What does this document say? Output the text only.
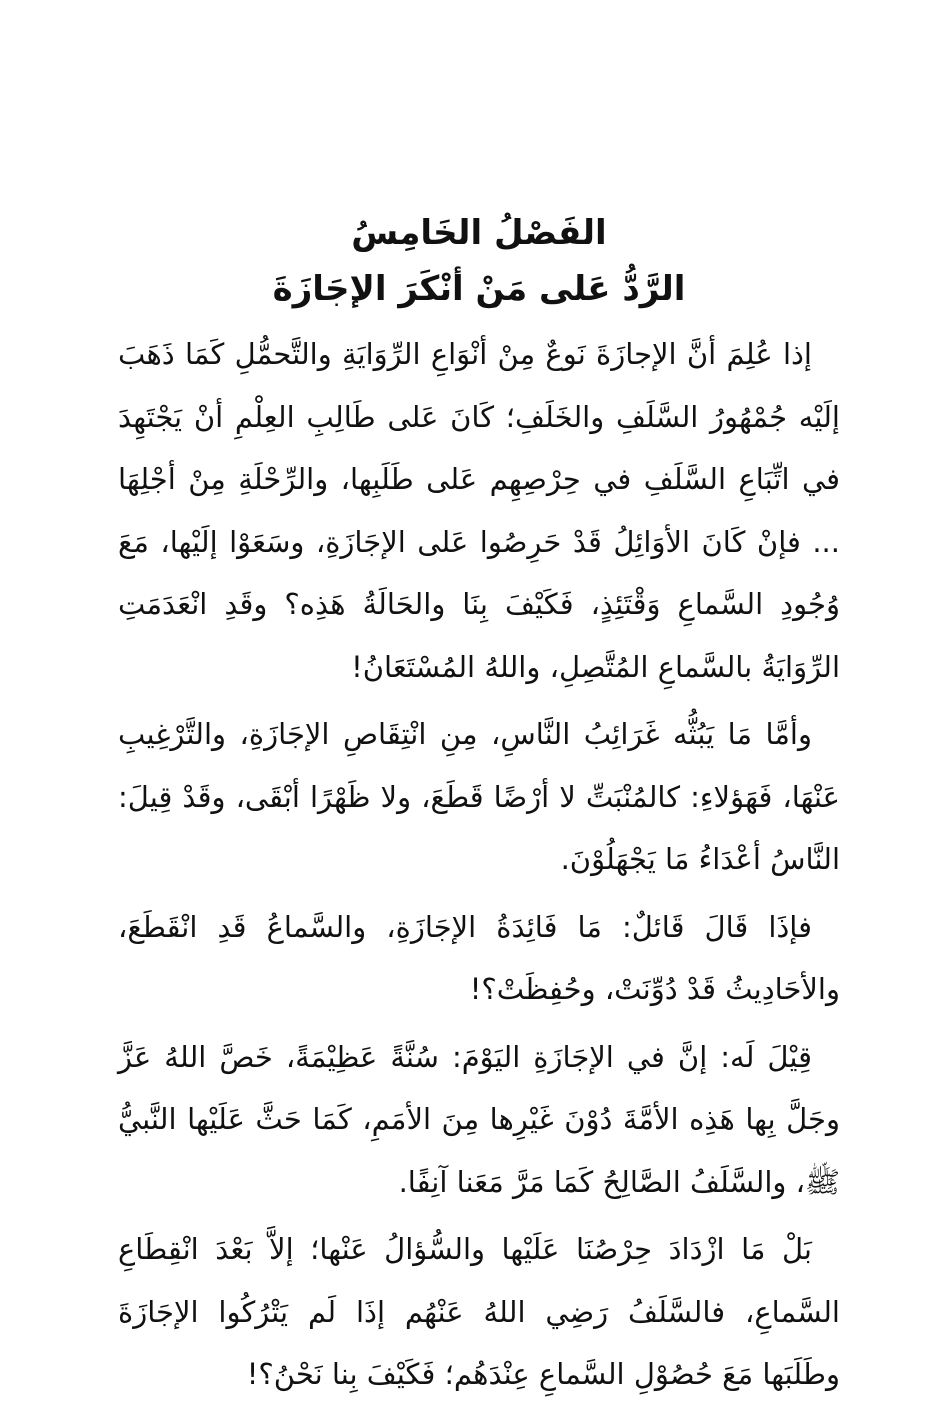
الفَصْلُ الخَامِسُ
الرَّدُّ عَلى مَنْ أنْكَرَ الإجَازَةَ

إذا عُلِمَ أنَّ الإجازَةَ نَوعٌ مِنْ أنْوَاعِ الرِّوَايَةِ والتَّحمُّلِ كَمَا ذَهَبَ إلَيْه جُمْهُورُ السَّلَفِ والخَلَفِ؛ كَانَ عَلى طَالِبِ العِلْمِ أنْ يَجْتَهِدَ في اتِّبَاعِ السَّلَفِ في حِرْصِهِم عَلى طَلَبِها، والرِّحْلَةِ مِنْ أجْلِهَا ... فإنْ كَانَ الأوَائِلُ قَدْ حَرِصُوا عَلى الإجَازَةِ، وسَعَوْا إلَيْها، مَعَ وُجُودِ السَّماعِ وَقْتَئِذٍ، فَكَيْفَ بِنَا والحَالَةُ هَذِه؟ وقَدِ انْعَدَمَتِ الرِّوَايَةُ بالسَّماعِ المُتَّصِلِ، واللهُ المُسْتَعَانُ!

وأمَّا مَا يَبُثُّه غَرَائِبُ النَّاسِ، مِنِ انْتِقَاصِ الإجَازَةِ، والتَّرْغِيبِ عَنْهَا، فَهَؤلاءِ: كالمُنْبَتِّ لا أرْضًا قَطَعَ، ولا ظَهْرًا أبْقَى، وقَدْ قِيلَ: النَّاسُ أعْدَاءُ مَا يَجْهَلُوْنَ.

فإذَا قَالَ قَائلٌ: مَا فَائِدَةُ الإجَازَةِ، والسَّماعُ قَدِ انْقَطَعَ، والأحَادِيثُ قَدْ دُوِّنَتْ، وحُفِظَتْ؟!

قِيْلَ لَه: إنَّ في الإجَازَةِ اليَوْمَ: سُنَّةً عَظِيْمَةً، خَصَّ اللهُ عَزَّ وجَلَّ بِها هَذِه الأمَّةَ دُوْنَ غَيْرِها مِنَ الأمَمِ، كَمَا حَثَّ عَلَيْها النَّبيُّ ﷺ، والسَّلَفُ الصَّالِحُ كَمَا مَرَّ مَعَنا آنِفًا.

بَلْ مَا ازْدَادَ حِرْصُنَا عَلَيْها والسُّؤالُ عَنْها؛ إلاَّ بَعْدَ انْقِطَاعِ السَّماعِ، فالسَّلَفُ رَضِي اللهُ عَنْهُم إذَا لَم يَتْرُكُوا الإجَازَةَ وطَلَبَها مَعَ حُصُوْلِ السَّماعِ عِنْدَهُم؛ فَكَيْفَ بِنا نَحْنُ؟!
